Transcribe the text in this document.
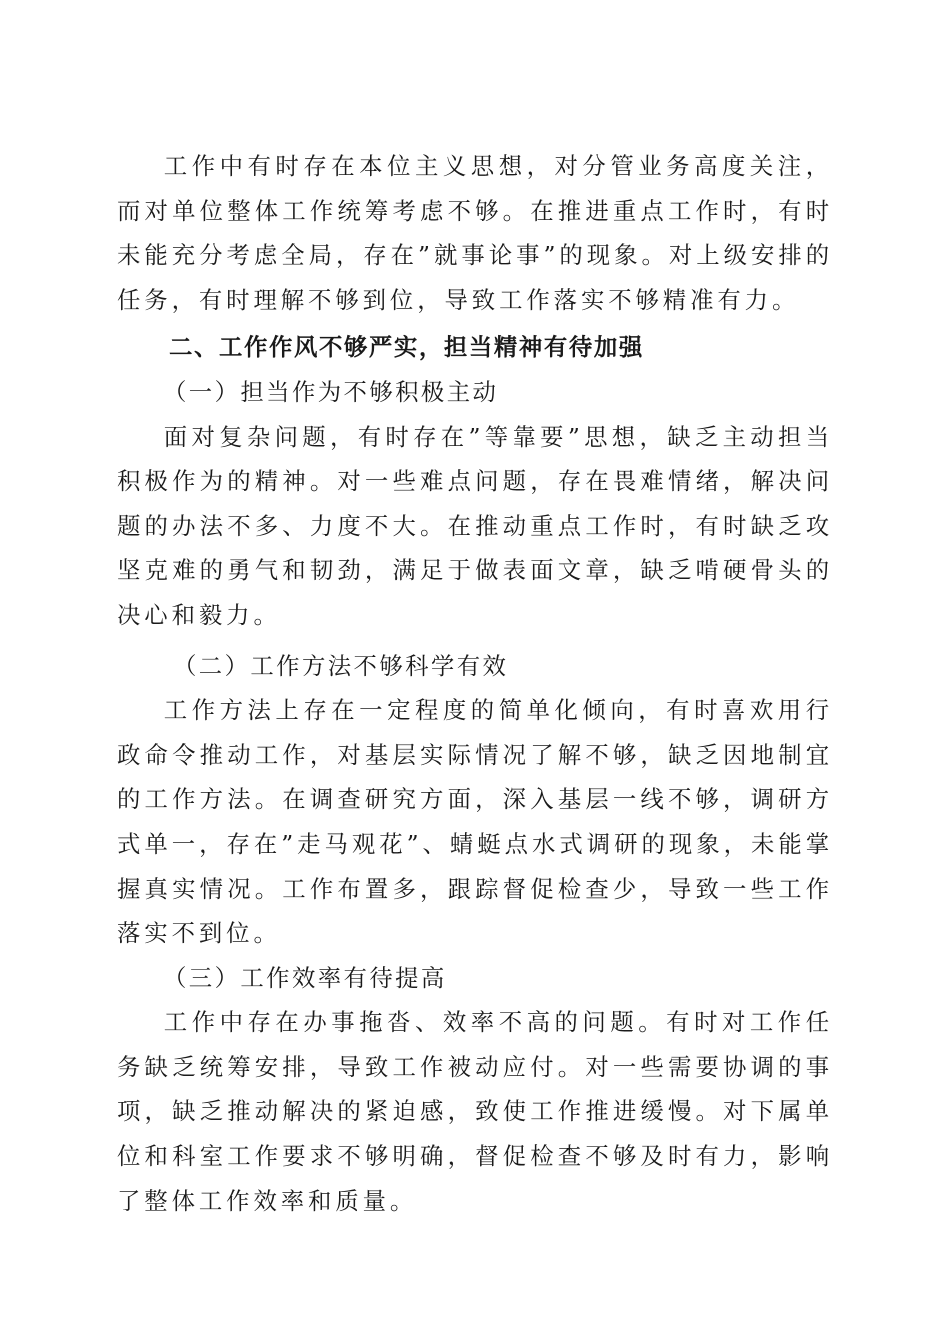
工作中有时存在本位主义思想，对分管业务高度关注，而对单位整体工作统筹考虑不够。在推进重点工作时，有时未能充分考虑全局，存在”就事论事”的现象。对上级安排的任务，有时理解不够到位，导致工作落实不够精准有力。

二、工作作风不够严实，担当精神有待加强

（一）担当作为不够积极主动

面对复杂问题，有时存在”等靠要”思想，缺乏主动担当积极作为的精神。对一些难点问题，存在畏难情绪，解决问题的办法不多、力度不大。在推动重点工作时，有时缺乏攻坚克难的勇气和韧劲，满足于做表面文章，缺乏啃硬骨头的决心和毅力。

（二）工作方法不够科学有效

工作方法上存在一定程度的简单化倾向，有时喜欢用行政命令推动工作，对基层实际情况了解不够，缺乏因地制宜的工作方法。在调查研究方面，深入基层一线不够，调研方式单一，存在”走马观花”、蜻蜓点水式调研的现象，未能掌握真实情况。工作布置多，跟踪督促检查少，导致一些工作落实不到位。

（三）工作效率有待提高

工作中存在办事拖沓、效率不高的问题。有时对工作任务缺乏统筹安排，导致工作被动应付。对一些需要协调的事项，缺乏推动解决的紧迫感，致使工作推进缓慢。对下属单位和科室工作要求不够明确，督促检查不够及时有力，影响了整体工作效率和质量。
